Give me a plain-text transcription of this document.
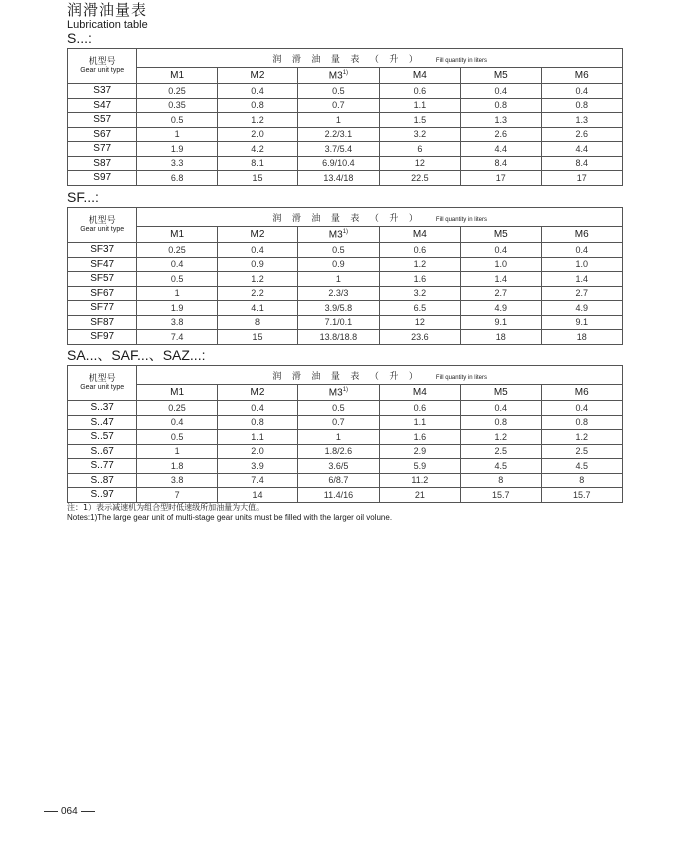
润滑油量表
Lubrication table
S...:
机型号
Gear unit type	润 滑 油 量 表 （ 升 ） Fill quantity in liters					
	M1	M2	M3$^{1)}$	M4	M5	M6
S37	0.25	0.4	0.5	0.6	0.4	0.4
S47	0.35	0.8	0.7	1.1	0.8	0.8
S57	0.5	1.2	1	1.5	1.3	1.3
S67	1	2.0	2.2/3.1	3.2	2.6	2.6
S77	1.9	4.2	3.7/5.4	6	4.4	4.4
S87	3.3	8.1	6.9/10.4	12	8.4	8.4
S97	6.8	15	13.4/18	22.5	17	17
SF...:
机型号
Gear unit type	润 滑 油 量 表 （ 升 ） Fill quantity in liters					
	M1	M2	M3$^{1)}$	M4	M5	M6
SF37	0.25	0.4	0.5	0.6	0.4	0.4
SF47	0.4	0.9	0.9	1.2	1.0	1.0
SF57	0.5	1.2	1	1.6	1.4	1.4
SF67	1	2.2	2.3/3	3.2	2.7	2.7
SF77	1.9	4.1	3.9/5.8	6.5	4.9	4.9
SF87	3.8	8	7.1/0.1	12	9.1	9.1
SF97	7.4	15	13.8/18.8	23.6	18	18
SA...、SAF...、SAZ...:
机型号
Gear unit type	润 滑 油 量 表 （ 升 ） Fill quantity in liters					
	M1	M2	M3$^{1)}$	M4	M5	M6
S..37	0.25	0.4	0.5	0.6	0.4	0.4
S..47	0.4	0.8	0.7	1.1	0.8	0.8
S..57	0.5	1.1	1	1.6	1.2	1.2
S..67	1	2.0	1.8/2.6	2.9	2.5	2.5
S..77	1.8	3.9	3.6/5	5.9	4.5	4.5
S..87	3.8	7.4	6/8.7	11.2	8	8
S..97	7	14	11.4/16	21	15.7	15.7
注：1）表示减速机为组合型时低速级所加油量为大值。
Notes:1)The large gear unit of multi-stage gear units must be filled with the larger oil volune.
064
